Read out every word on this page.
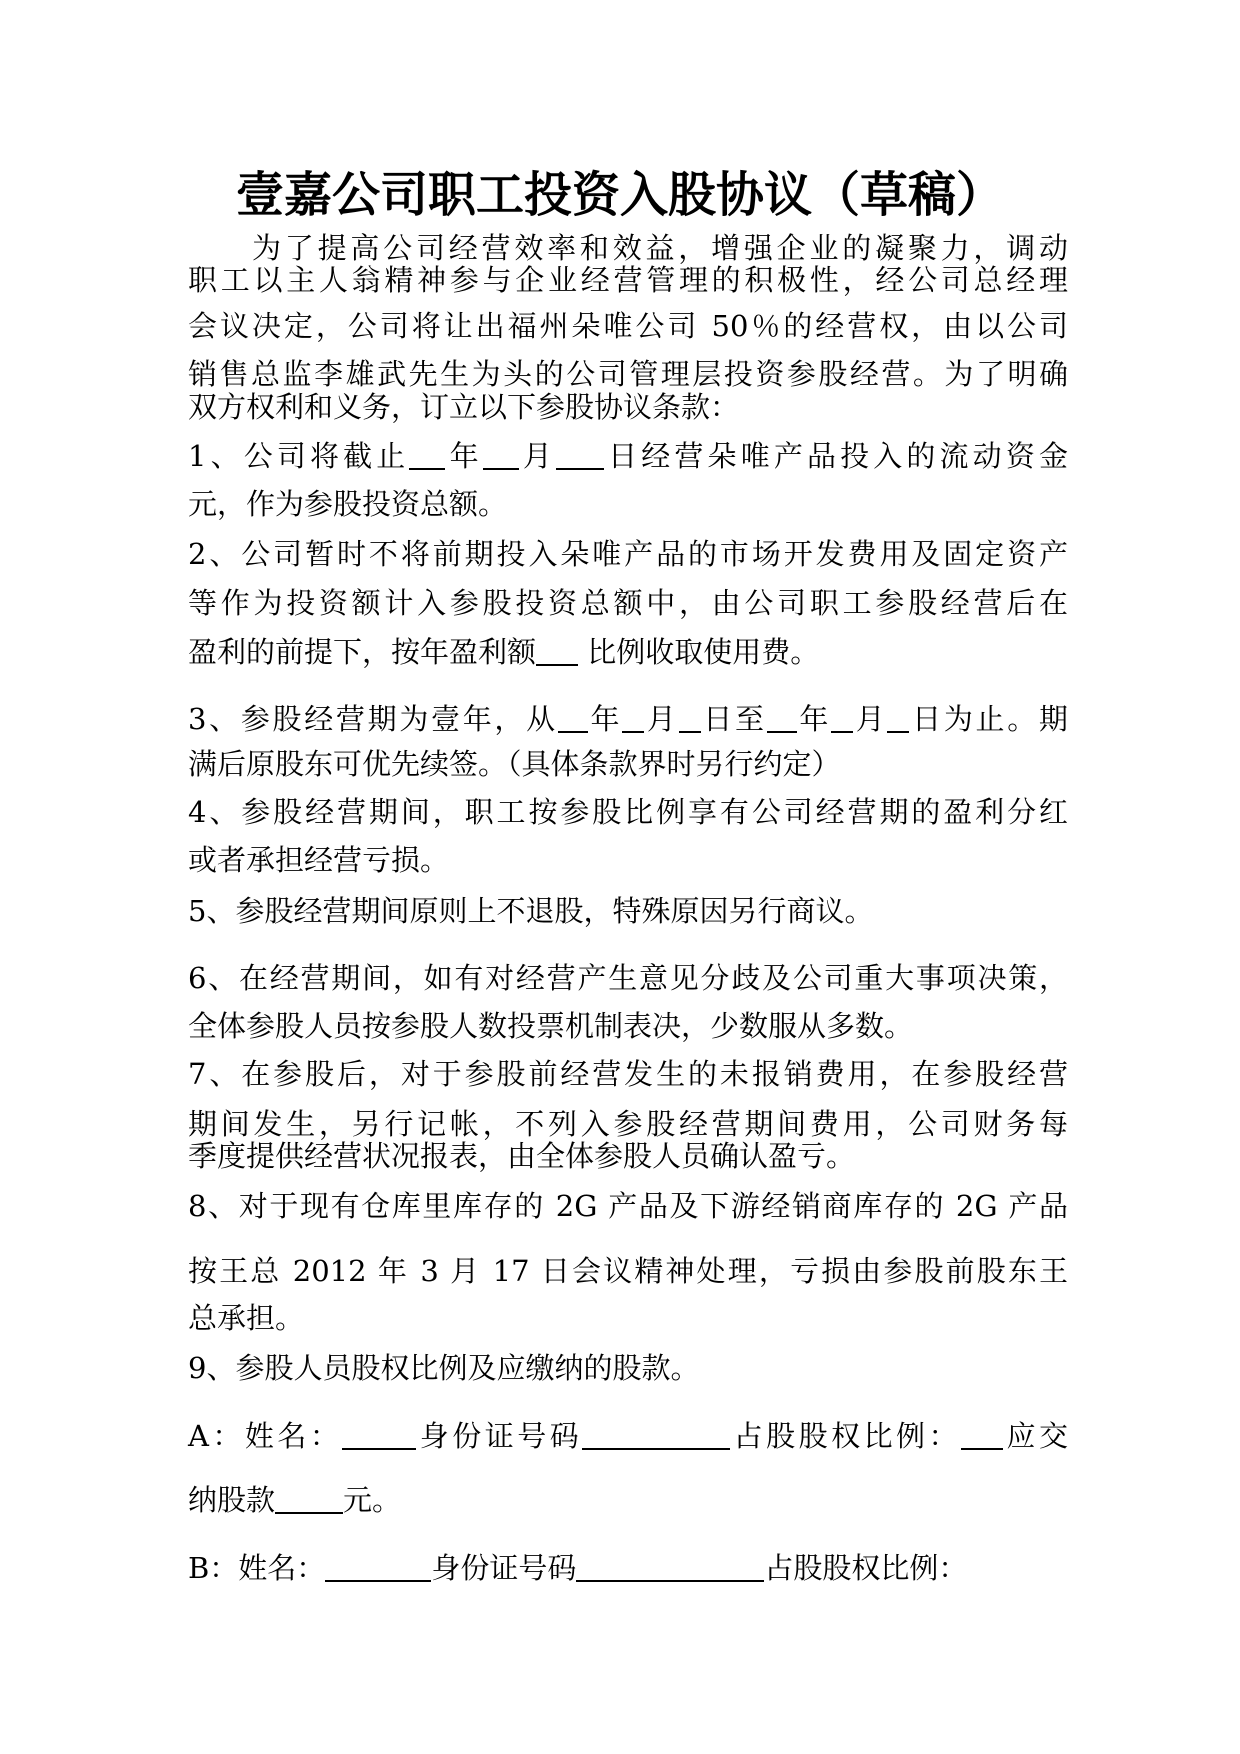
壹嘉公司职工投资入股协议（草稿）
为了提高公司经营效率和效益，增强企业的凝聚力，调动
职工以主人翁精神参与企业经营管理的积极性，经公司总经理
会议决定，公司将让出福州朵唯公司 50％的经营权，由以公司
销售总监李雄武先生为头的公司管理层投资参股经营。为了明确
双方权利和义务，订立以下参股协议条款：
1、公司将截止 年 月 日经营朵唯产品投入的流动资金
元，作为参股投资总额。
2、公司暂时不将前期投入朵唯产品的市场开发费用及固定资产
等作为投资额计入参股投资总额中，由公司职工参股经营后在
盈利的前提下，按年盈利额 比例收取使用费。
3、参股经营期为壹年，从 年 月 日至 年 月 日为止。期
满后原股东可优先续签。（具体条款界时另行约定）
4、参股经营期间，职工按参股比例享有公司经营期的盈利分红
或者承担经营亏损。
5、参股经营期间原则上不退股，特殊原因另行商议。
6、在经营期间，如有对经营产生意见分歧及公司重大事项决策，
全体参股人员按参股人数投票机制表决，少数服从多数。
7、在参股后，对于参股前经营发生的未报销费用，在参股经营
期间发生，另行记帐，不列入参股经营期间费用，公司财务每
季度提供经营状况报表，由全体参股人员确认盈亏。
8、对于现有仓库里库存的 2G 产品及下游经销商库存的 2G 产品
按王总 2012 年 3 月 17 日会议精神处理，亏损由参股前股东王
总承担。
9、参股人员股权比例及应缴纳的股款。
A：姓名：	身份证号码	占股股权比例： 应交
纳股款 元。
B：姓名：	身份证号码	占股股权比例：
